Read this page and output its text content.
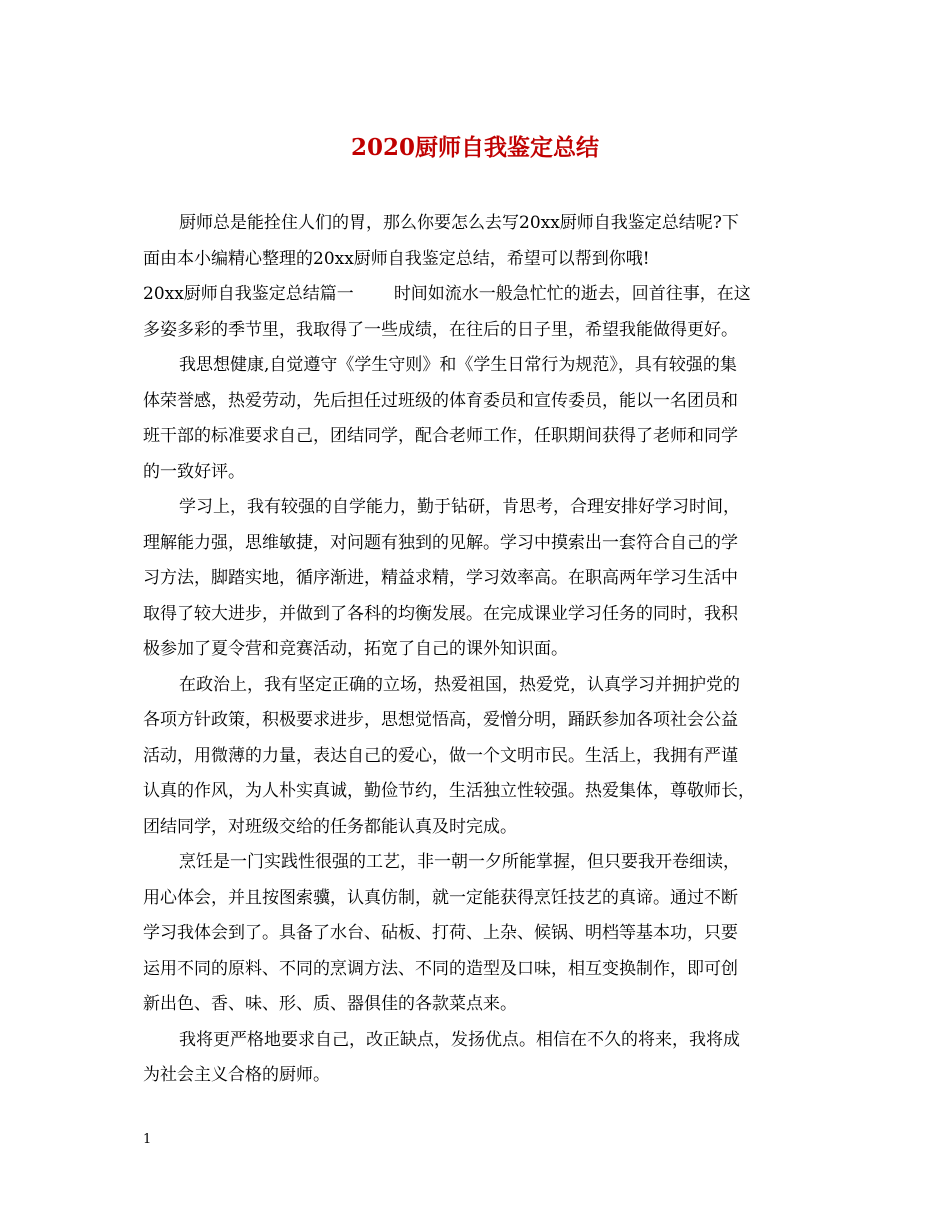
2020厨师自我鉴定总结
厨师总是能拴住人们的胃，那么你要怎么去写20xx厨师自我鉴定总结呢?下
面由本小编精心整理的20xx厨师自我鉴定总结，希望可以帮到你哦!
20xx厨师自我鉴定总结篇一 时间如流水一般急忙忙的逝去，回首往事，在这
多姿多彩的季节里，我取得了一些成绩，在往后的日子里，希望我能做得更好。
我思想健康,自觉遵守《学生守则》和《学生日常行为规范》，具有较强的集
体荣誉感，热爱劳动，先后担任过班级的体育委员和宣传委员，能以一名团员和
班干部的标准要求自己，团结同学，配合老师工作，任职期间获得了老师和同学
的一致好评。
学习上，我有较强的自学能力，勤于钻研，肯思考，合理安排好学习时间，
理解能力强，思维敏捷，对问题有独到的见解。学习中摸索出一套符合自己的学
习方法，脚踏实地，循序渐进，精益求精，学习效率高。在职高两年学习生活中
取得了较大进步，并做到了各科的均衡发展。在完成课业学习任务的同时，我积
极参加了夏令营和竞赛活动，拓宽了自己的课外知识面。
在政治上，我有坚定正确的立场，热爱祖国，热爱党，认真学习并拥护党的
各项方针政策，积极要求进步，思想觉悟高，爱憎分明，踊跃参加各项社会公益
活动，用微薄的力量，表达自己的爱心，做一个文明市民。生活上，我拥有严谨
认真的作风，为人朴实真诚，勤俭节约，生活独立性较强。热爱集体，尊敬师长，
团结同学，对班级交给的任务都能认真及时完成。
烹饪是一门实践性很强的工艺，非一朝一夕所能掌握，但只要我开卷细读，
用心体会，并且按图索骥，认真仿制，就一定能获得烹饪技艺的真谛。通过不断
学习我体会到了。具备了水台、砧板、打荷、上杂、候锅、明档等基本功，只要
运用不同的原料、不同的烹调方法、不同的造型及口味，相互变换制作，即可创
新出色、香、味、形、质、器俱佳的各款菜点来。
我将更严格地要求自己，改正缺点，发扬优点。相信在不久的将来，我将成
为社会主义合格的厨师。
1
